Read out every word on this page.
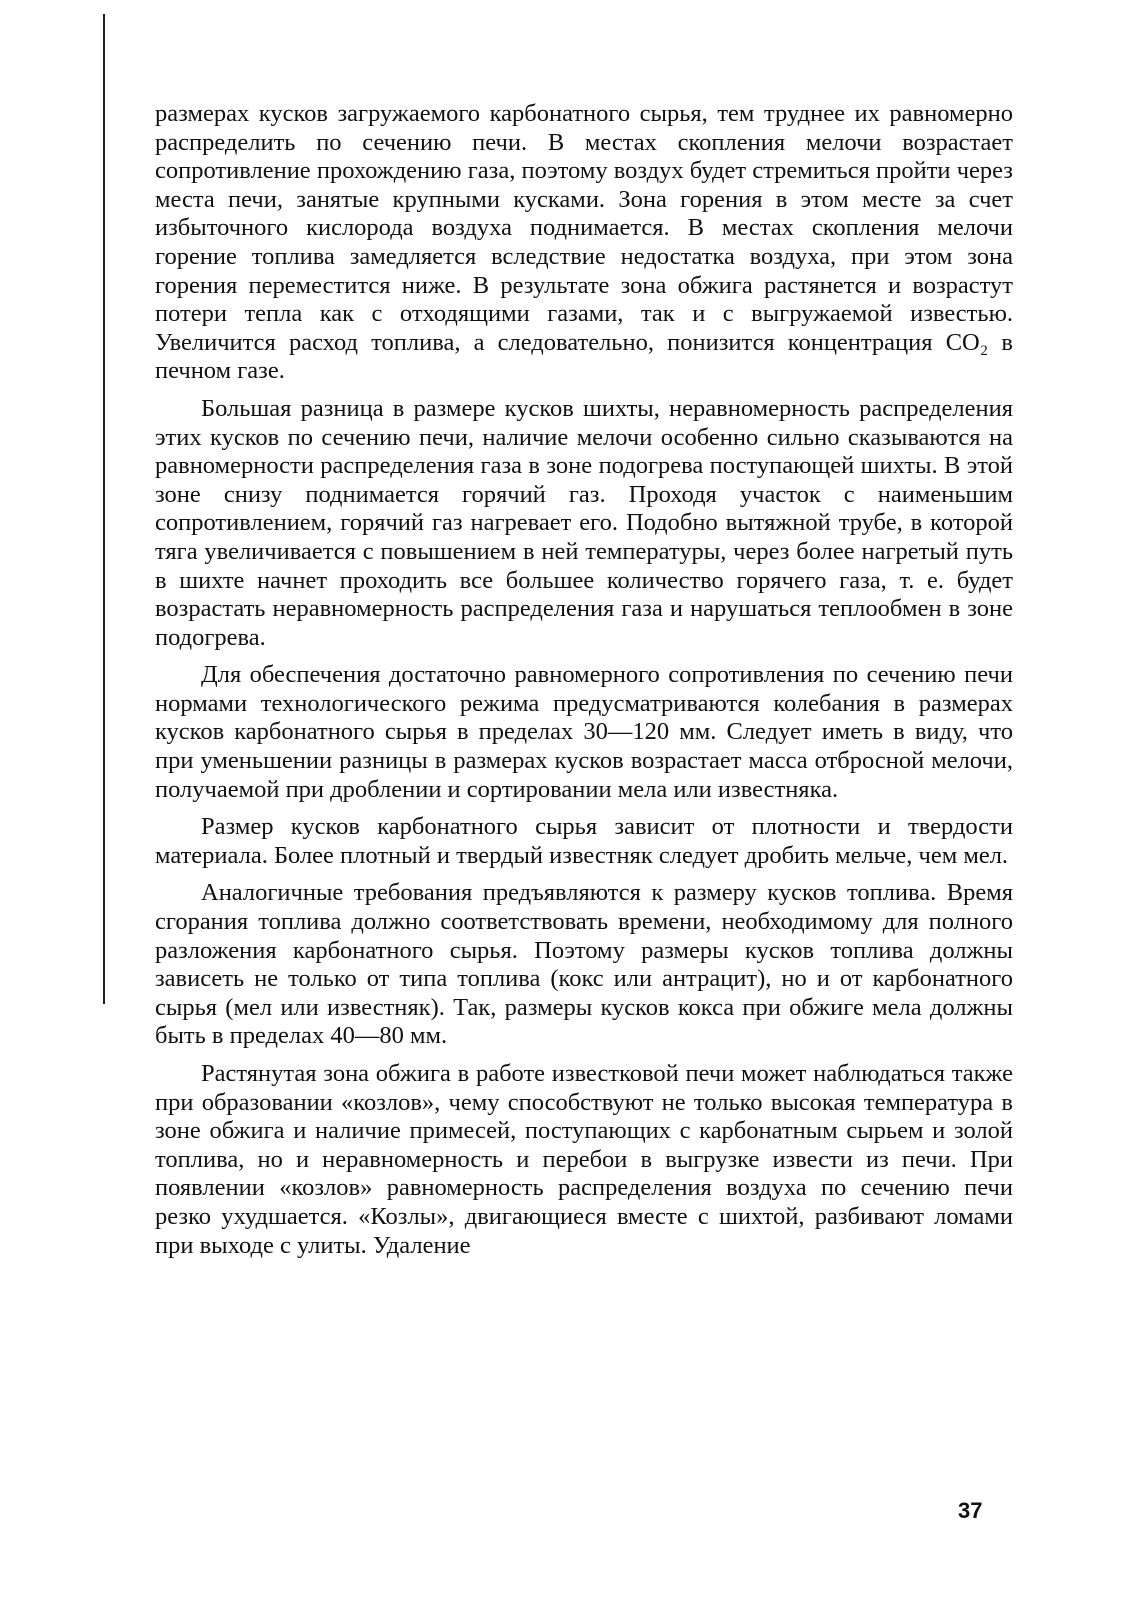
размерах кусков загружаемого карбонатного сырья, тем труднее их равномерно распределить по сечению печи. В местах скопления мелочи возрастает сопротивление прохождению газа, поэтому воздух будет стремиться пройти через места печи, занятые крупными кусками. Зона горения в этом месте за счет избыточного кислорода воздуха поднимается. В местах скопления мелочи горение топлива замедляется вследствие недостатка воздуха, при этом зона горения переместится ниже. В результате зона обжига растянется и возрастут потери тепла как с отходящими газами, так и с выгружаемой известью. Увеличится расход топлива, а следовательно, понизится концентрация CO₂ в печном газе.

Большая разница в размере кусков шихты, неравномерность распределения этих кусков по сечению печи, наличие мелочи особенно сильно сказываются на равномерности распределения газа в зоне подогрева поступающей шихты. В этой зоне снизу поднимается горячий газ. Проходя участок с наименьшим сопротивлением, горячий газ нагревает его. Подобно вытяжной трубе, в которой тяга увеличивается с повышением в ней температуры, через более нагретый путь в шихте начнет проходить все большее количество горячего газа, т. е. будет возрастать неравномерность распределения газа и нарушаться теплообмен в зоне подогрева.

Для обеспечения достаточно равномерного сопротивления по сечению печи нормами технологического режима предусматриваются колебания в размерах кусков карбонатного сырья в пределах 30—120 мм. Следует иметь в виду, что при уменьшении разницы в размерах кусков возрастает масса отбросной мелочи, получаемой при дроблении и сортировании мела или известняка.

Размер кусков карбонатного сырья зависит от плотности и твердости материала. Более плотный и твердый известняк следует дробить мельче, чем мел.

Аналогичные требования предъявляются к размеру кусков топлива. Время сгорания топлива должно соответствовать времени, необходимому для полного разложения карбонатного сырья. Поэтому размеры кусков топлива должны зависеть не только от типа топлива (кокс или антрацит), но и от карбонатного сырья (мел или известняк). Так, размеры кусков кокса при обжиге мела должны быть в пределах 40—80 мм.

Растянутая зона обжига в работе известковой печи может наблюдаться также при образовании «козлов», чему способствуют не только высокая температура в зоне обжига и наличие примесей, поступающих с карбонатным сырьем и золой топлива, но и неравномерность и перебои в выгрузке извести из печи. При появлении «козлов» равномерность распределения воздуха по сечению печи резко ухудшается. «Козлы», двигающиеся вместе с шихтой, разбивают ломами при выходе с улиты. Удаление

37
